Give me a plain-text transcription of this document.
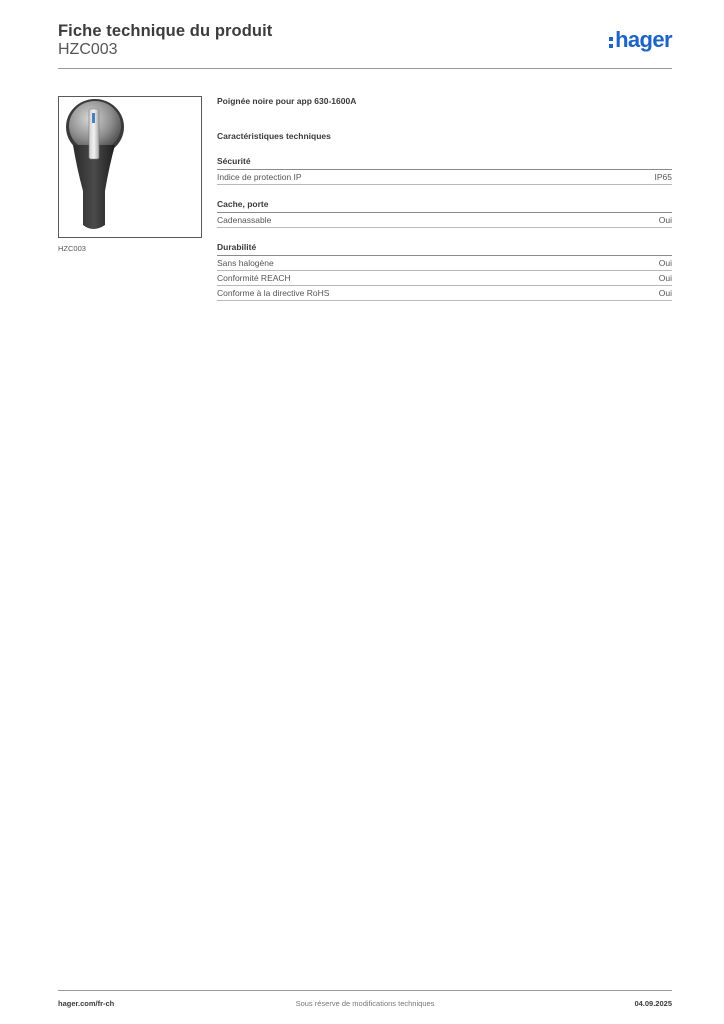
Fiche technique du produit
HZC003	hager
HZC003
Poignée noire pour app 630-1600A
Caractéristiques techniques
Sécurité
Indice de protection IP	IP65
Cache, porte
Cadenassable	Oui
Durabilité
Sans halogène	Oui
Conformité REACH	Oui
Conforme à la directive RoHS	Oui
hager.com/fr-ch	Sous réserve de modifications techniques	04.09.2025
